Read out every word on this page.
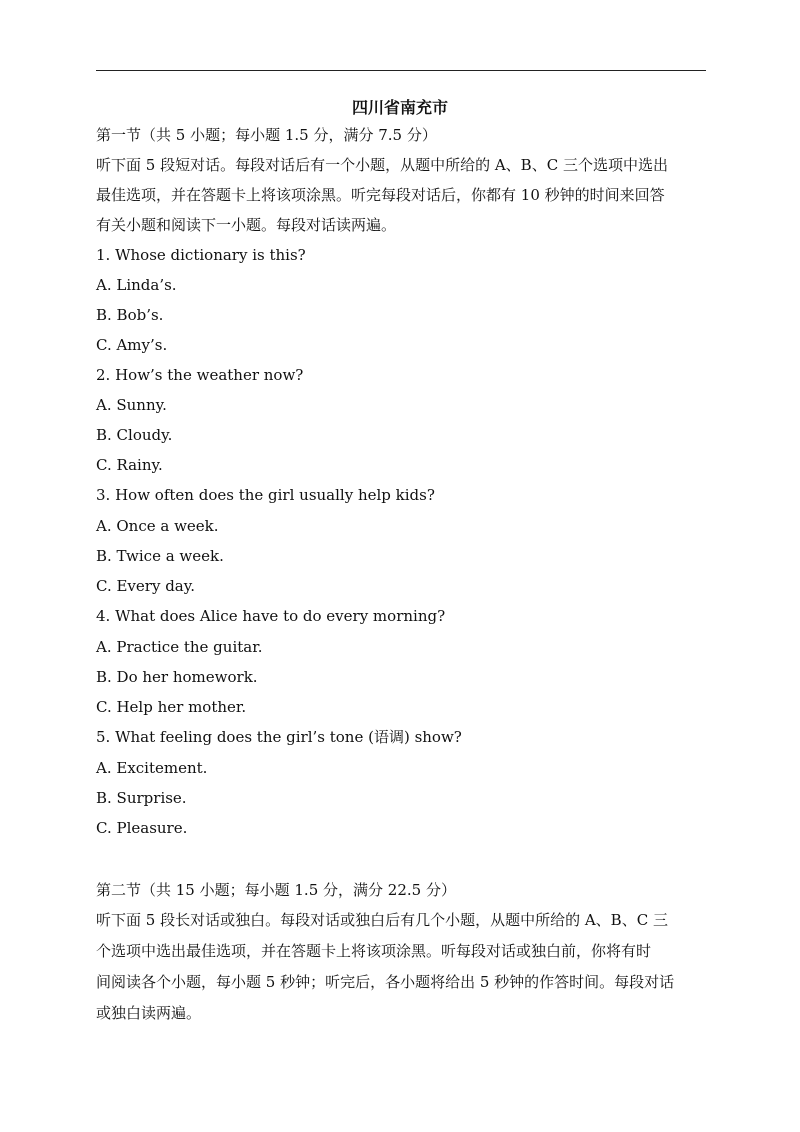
四川省南充市
第一节（共 5 小题；每小题 1.5 分，满分 7.5 分）
听下面 5 段短对话。每段对话后有一个小题，从题中所给的 A、B、C 三个选项中选出
最佳选项，并在答题卡上将该项涂黑。听完每段对话后，你都有 10 秒钟的时间来回答
有关小题和阅读下一小题。每段对话读两遍。
1. Whose dictionary is this?
A. Linda’s.
B. Bob’s.
C. Amy’s.
2. How’s the weather now?
A. Sunny.
B. Cloudy.
C. Rainy.
3. How often does the girl usually help kids?
A. Once a week.
B. Twice a week.
C. Every day.
4. What does Alice have to do every morning?
A. Practice the guitar.
B. Do her homework.
C. Help her mother.
5. What feeling does the girl’s tone (语调) show?
A. Excitement.
B. Surprise.
C. Pleasure.
第二节（共 15 小题；每小题 1.5 分，满分 22.5 分）
听下面 5 段长对话或独白。每段对话或独白后有几个小题，从题中所给的 A、B、C 三
个选项中选出最佳选项，并在答题卡上将该项涂黑。听每段对话或独白前，你将有时
间阅读各个小题，每小题 5 秒钟；听完后，各小题将给出 5 秒钟的作答时间。每段对话
或独白读两遍。
